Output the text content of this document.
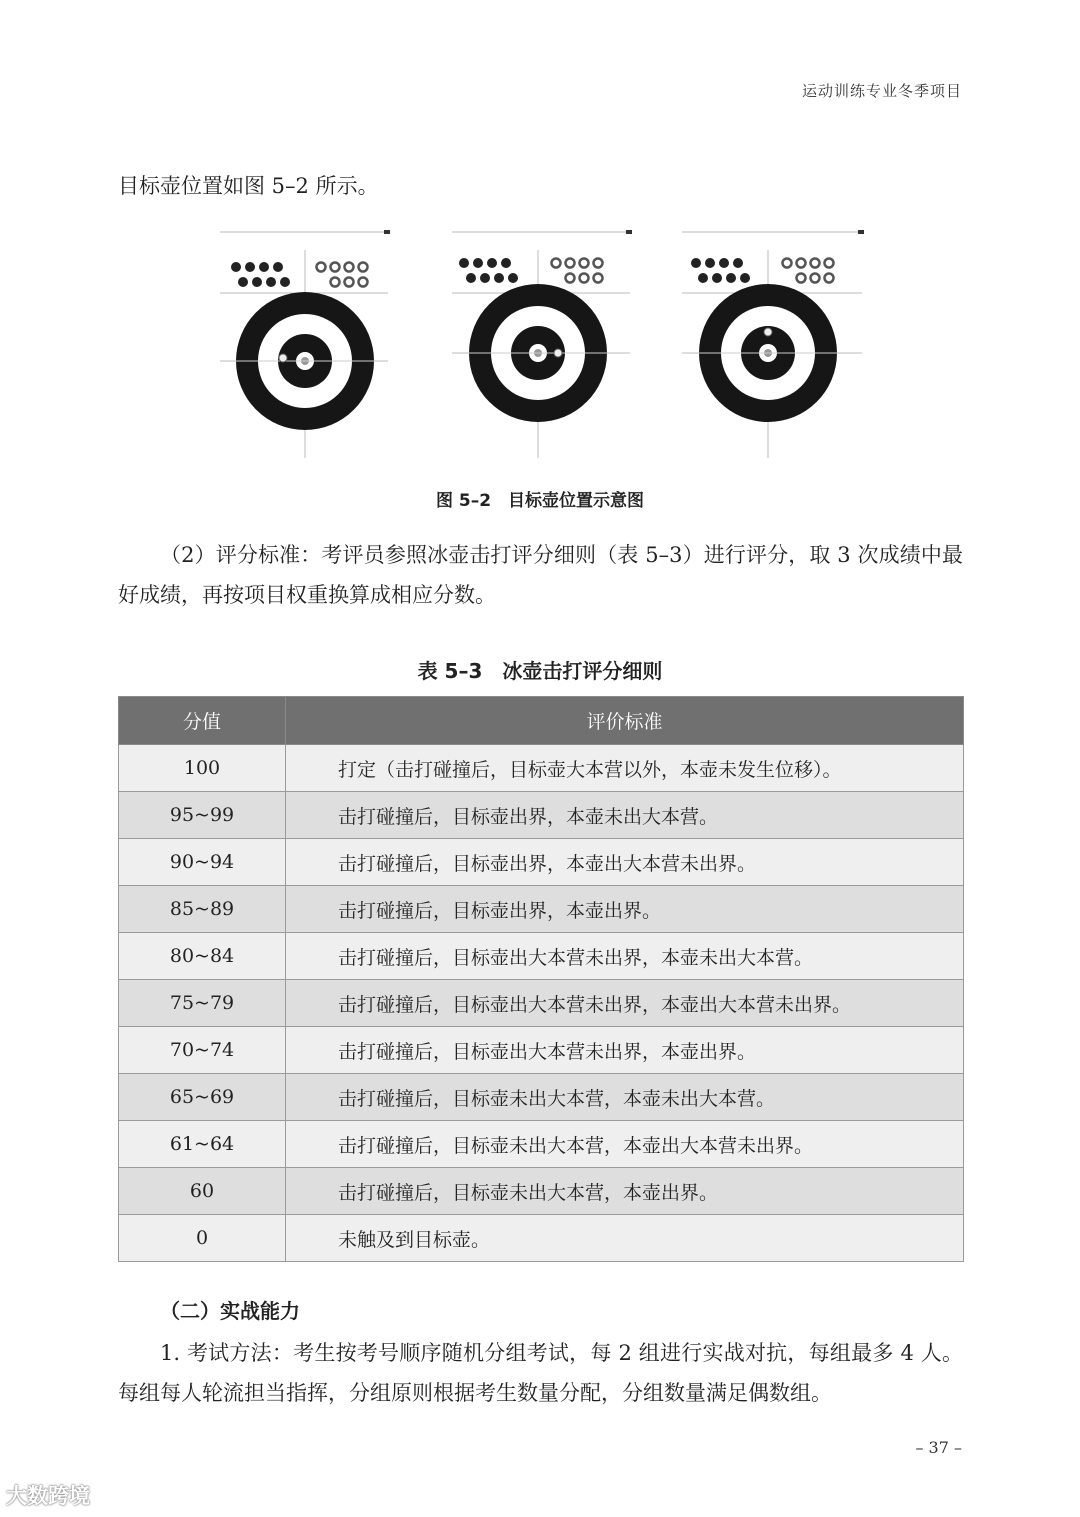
运动训练专业冬季项目
目标壶位置如图 5–2 所示。
图 5–2　目标壶位置示意图
（2）评分标准：考评员参照冰壶击打评分细则（表 5–3）进行评分，取 3 次成绩中最好成绩，再按项目权重换算成相应分数。
表 5–3　冰壶击打评分细则
分值	评价标准
100	打定（击打碰撞后，目标壶大本营以外，本壶未发生位移）。
95~99	击打碰撞后，目标壶出界，本壶未出大本营。
90~94	击打碰撞后，目标壶出界，本壶出大本营未出界。
85~89	击打碰撞后，目标壶出界，本壶出界。
80~84	击打碰撞后，目标壶出大本营未出界，本壶未出大本营。
75~79	击打碰撞后，目标壶出大本营未出界，本壶出大本营未出界。
70~74	击打碰撞后，目标壶出大本营未出界，本壶出界。
65~69	击打碰撞后，目标壶未出大本营，本壶未出大本营。
61~64	击打碰撞后，目标壶未出大本营，本壶出大本营未出界。
60	击打碰撞后，目标壶未出大本营，本壶出界。
0	未触及到目标壶。
（二）实战能力
1. 考试方法：考生按考号顺序随机分组考试，每 2 组进行实战对抗，每组最多 4 人。每组每人轮流担当指挥，分组原则根据考生数量分配，分组数量满足偶数组。
– 37 –
大数跨境
